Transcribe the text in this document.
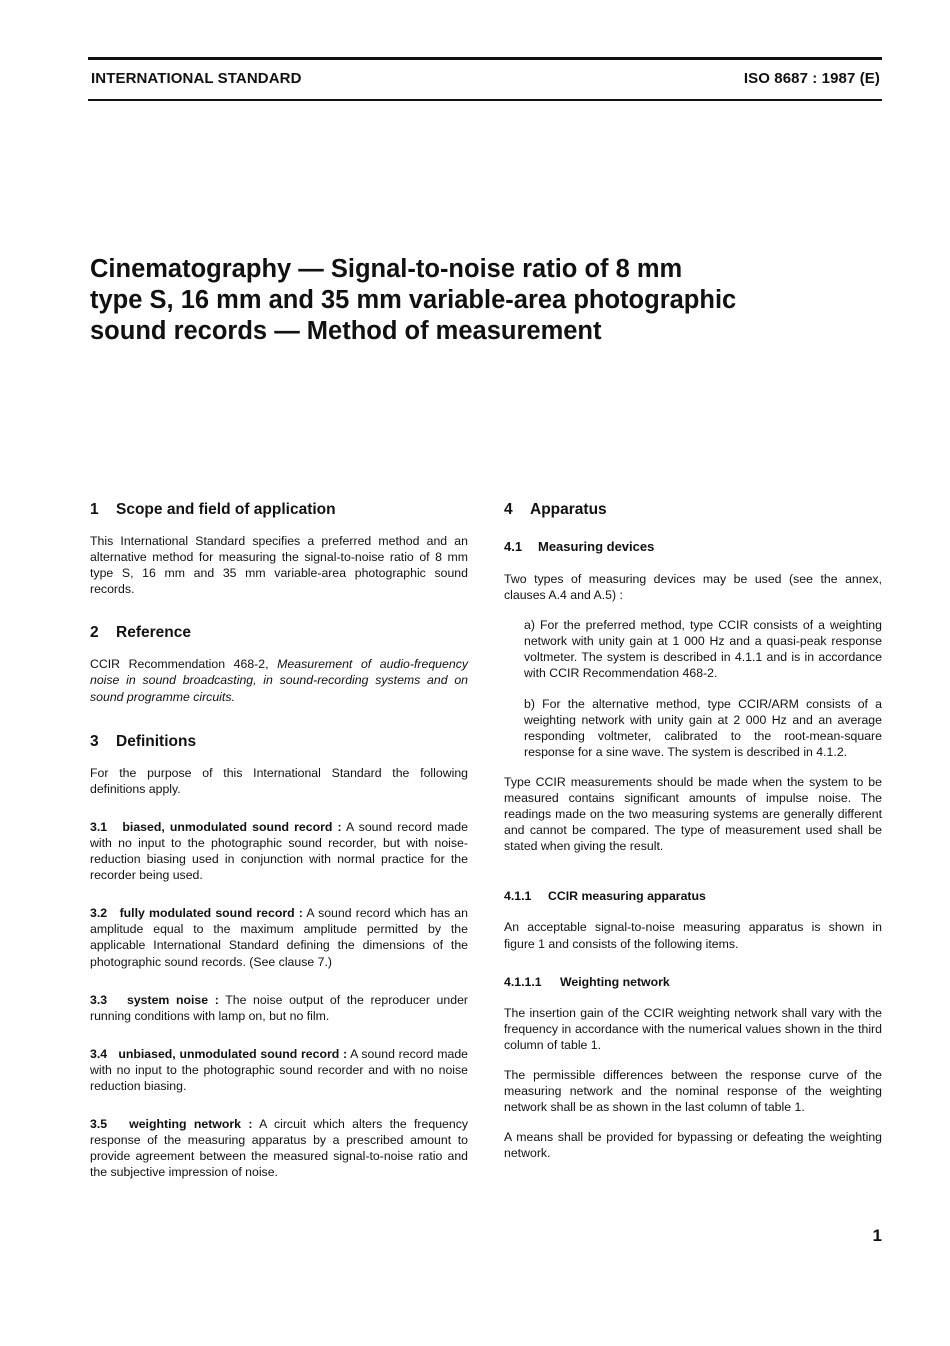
INTERNATIONAL STANDARD	ISO 8687 : 1987 (E)
Cinematography — Signal-to-noise ratio of 8 mm
type S, 16 mm and 35 mm variable-area photographic
sound records — Method of measurement
1 Scope and field of application

This International Standard specifies a preferred method and an alternative method for measuring the signal-to-noise ratio of 8 mm type S, 16 mm and 35 mm variable-area photographic sound records.

2 Reference

CCIR Recommendation 468-2, Measurement of audio-frequency noise in sound broadcasting, in sound-recording systems and on sound programme circuits.

3 Definitions

For the purpose of this International Standard the following definitions apply.

3.1 biased, unmodulated sound record : A sound record made with no input to the photographic sound recorder, but with noise-reduction biasing used in conjunction with normal practice for the recorder being used.

3.2 fully modulated sound record : A sound record which has an amplitude equal to the maximum amplitude permitted by the applicable International Standard defining the dimensions of the photographic sound records. (See clause 7.)

3.3 system noise : The noise output of the reproducer under running conditions with lamp on, but no film.

3.4 unbiased, unmodulated sound record : A sound record made with no input to the photographic sound recorder and with no noise reduction biasing.

3.5 weighting network : A circuit which alters the frequency response of the measuring apparatus by a prescribed amount to provide agreement between the measured signal-to-noise ratio and the subjective impression of noise.

4 Apparatus
4.1 Measuring devices

Two types of measuring devices may be used (see the annex, clauses A.4 and A.5) :

a) For the preferred method, type CCIR consists of a weighting network with unity gain at 1 000 Hz and a quasi-peak response voltmeter. The system is described in 4.1.1 and is in accordance with CCIR Recommendation 468-2.

b) For the alternative method, type CCIR/ARM consists of a weighting network with unity gain at 2 000 Hz and an average responding voltmeter, calibrated to the root-mean-square response for a sine wave. The system is described in 4.1.2.

Type CCIR measurements should be made when the system to be measured contains significant amounts of impulse noise. The readings made on the two measuring systems are generally different and cannot be compared. The type of measurement used shall be stated when giving the result.

4.1.1 CCIR measuring apparatus

An acceptable signal-to-noise measuring apparatus is shown in figure 1 and consists of the following items.

4.1.1.1 Weighting network

The insertion gain of the CCIR weighting network shall vary with the frequency in accordance with the numerical values shown in the third column of table 1.

The permissible differences between the response curve of the measuring network and the nominal response of the weighting network shall be as shown in the last column of table 1.

A means shall be provided for bypassing or defeating the weighting network.

1
